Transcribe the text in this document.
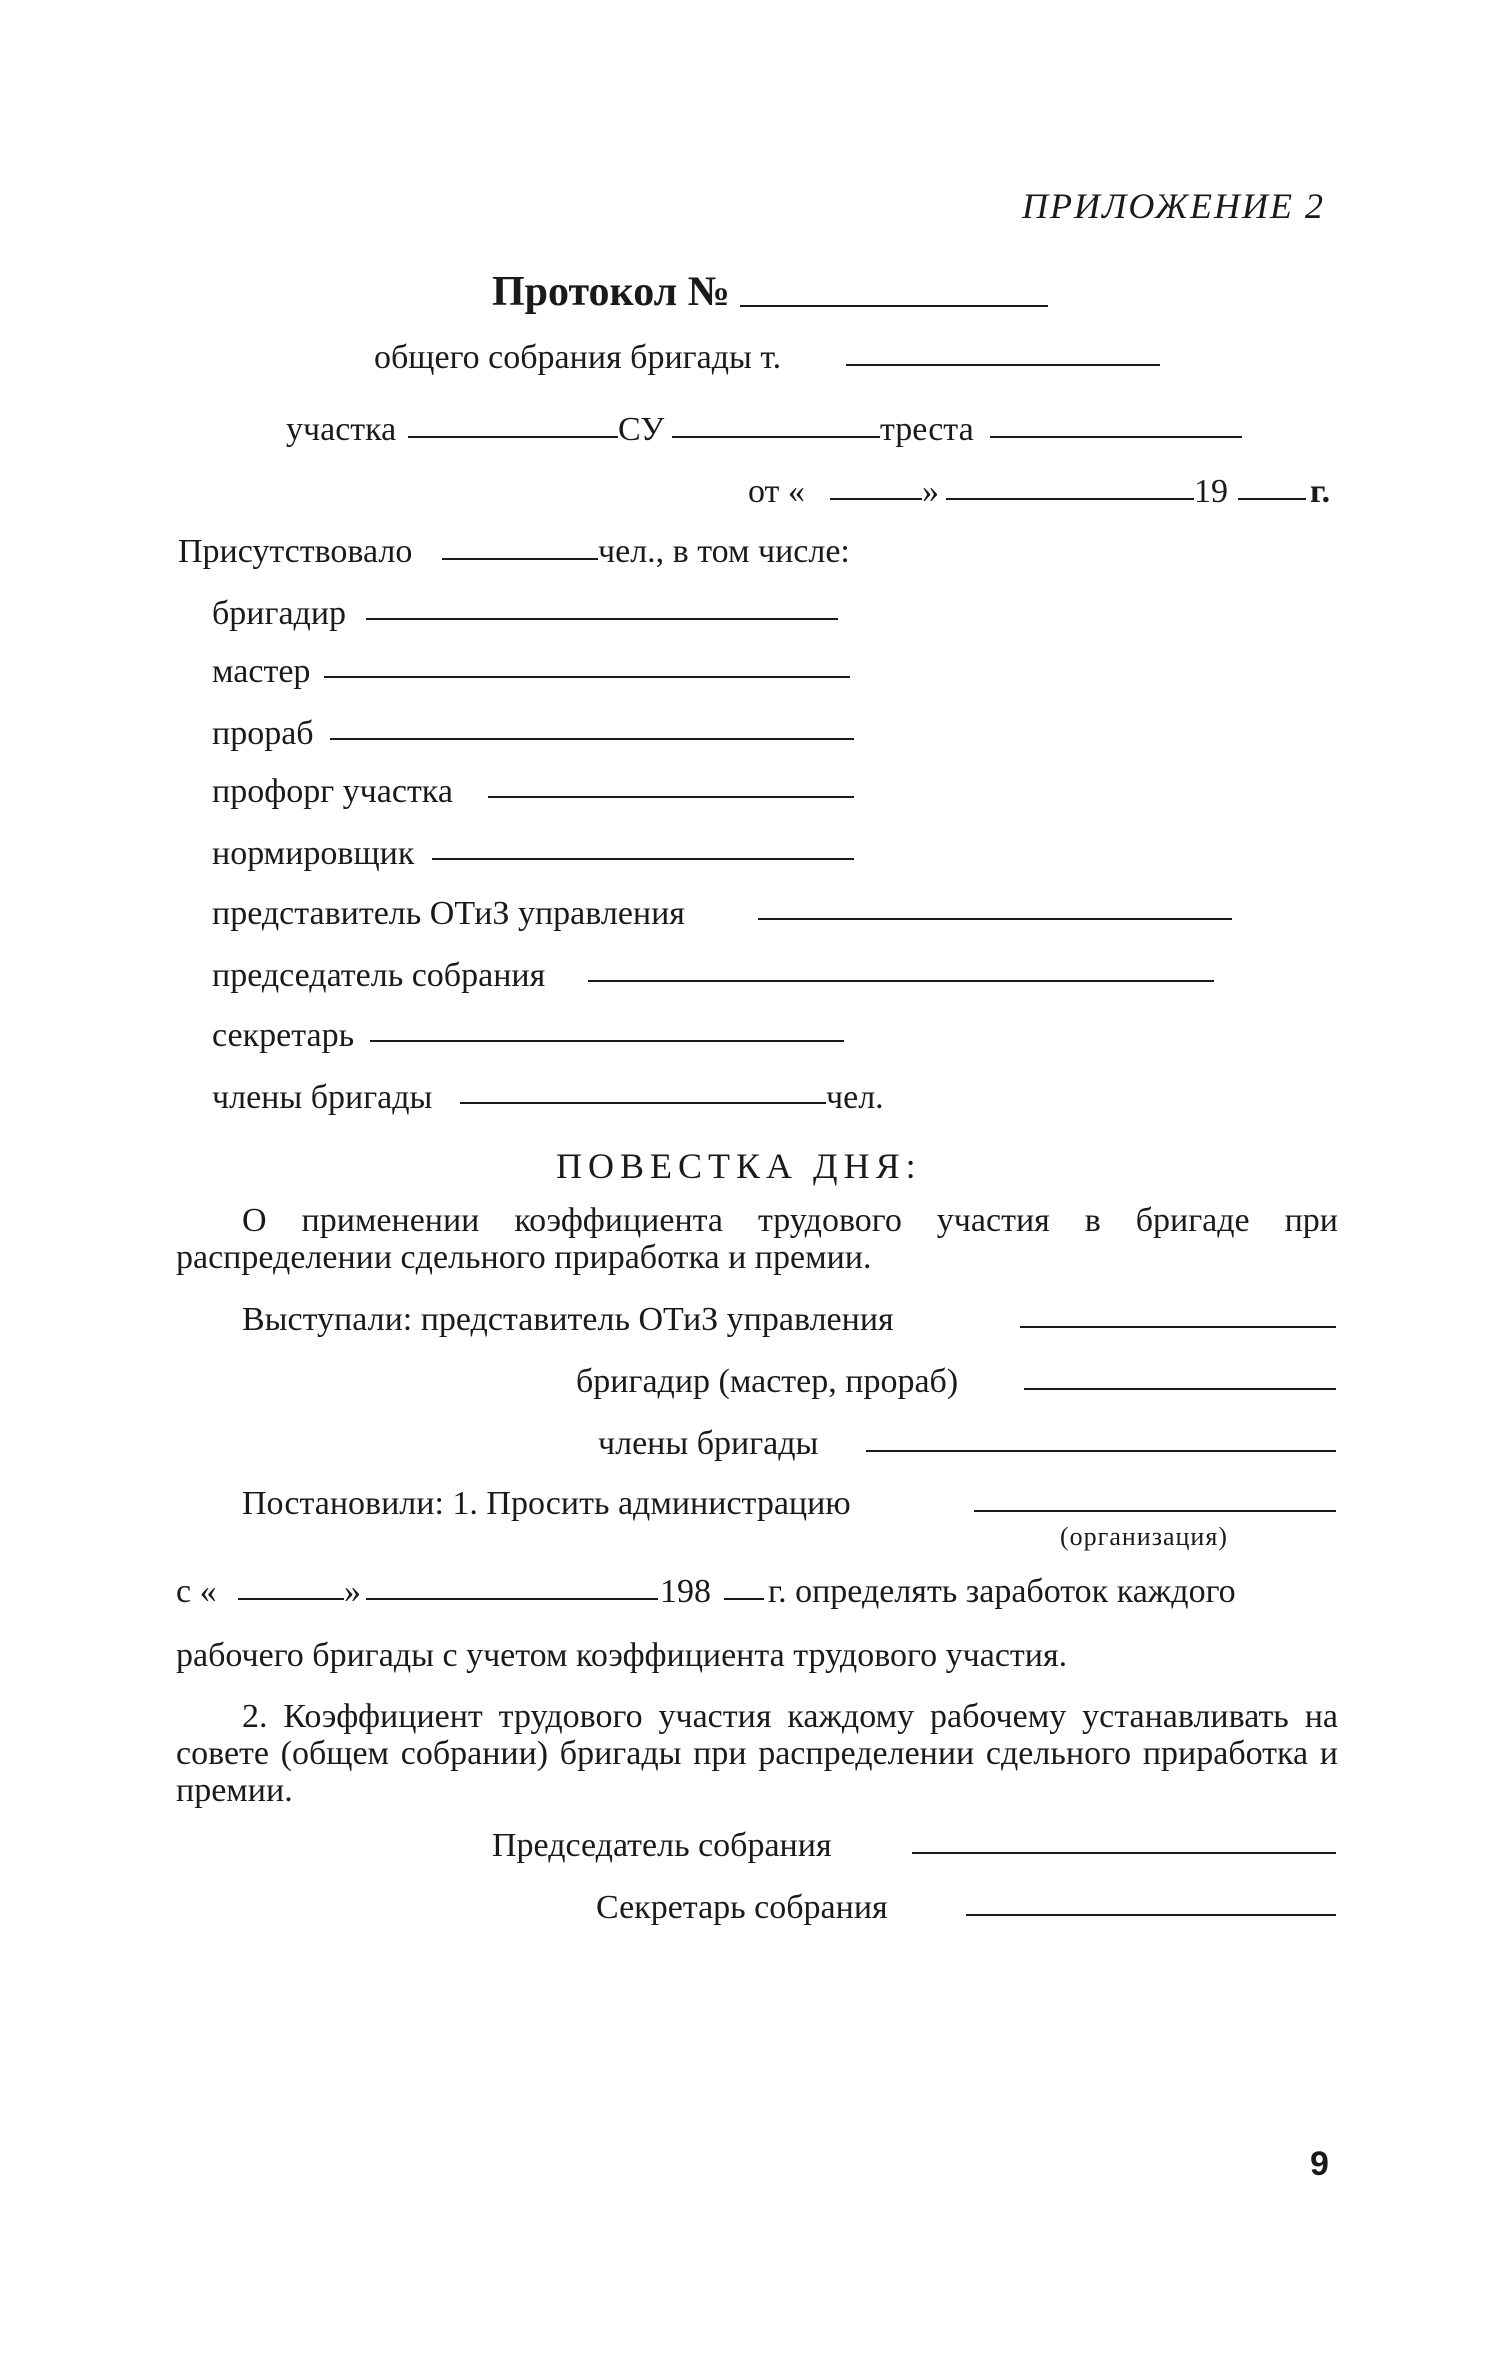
ПРИЛОЖЕНИЕ 2
Протокол №
общего собрания бригады т.
участка	СУ	треста
от «	»	19 г.
Присутствовало	чел., в том числе:
бригадир
мастер
прораб
профорг участка
нормировщик
представитель ОТиЗ управления
председатель собрания
секретарь
члены бригады	чел.
ПОВЕСТКА ДНЯ:
О применении коэффициента трудового участия в бригаде при распределении сдельного приработка и премии.
Выступали: представитель ОТиЗ управления
бригадир (мастер, прораб)
члены бригады
Постановили: 1. Просить администрацию
(организация)
с «	»	198 г. определять заработок каждого
рабочего бригады с учетом коэффициента трудового участия.
2. Коэффициент трудового участия каждому рабочему устанавливать на совете (общем собрании) бригады при распределении сдельного приработка и премии.
Председатель собрания
Секретарь собрания
9
